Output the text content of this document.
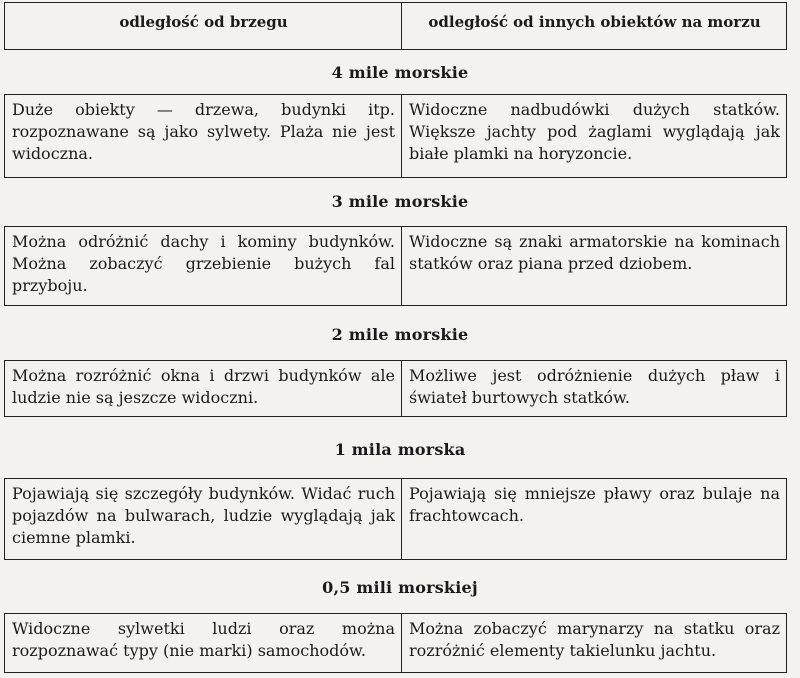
odległość od brzegu	odległość od innych obiektów na morzu
4 mile morskie
Duże obiekty — drzewa, budynki itp. rozpoznawane są jako sylwety. Plaża nie jest widoczna.
Widoczne nadbudówki dużych statków. Większe jachty pod żaglami wyglądają jak białe plamki na horyzoncie.
3 mile morskie
Można odróżnić dachy i kominy budynków. Można zobaczyć grzebienie bużych fal przyboju.
Widoczne są znaki armatorskie na kominach statków oraz piana przed dziobem.
2 mile morskie
Można rozróżnić okna i drzwi budynków ale ludzie nie są jeszcze widoczni.
Możliwe jest odróżnienie dużych pław i świateł burtowych statków.
1 mila morska
Pojawiają się szczegóły budynków. Widać ruch pojazdów na bulwarach, ludzie wyglądają jak ciemne plamki.
Pojawiają się mniejsze pławy oraz bulaje na frachtowcach.
0,5 mili morskiej
Widoczne sylwetki ludzi oraz można rozpoznawać typy (nie marki) samochodów.
Można zobaczyć marynarzy na statku oraz rozróżnić elementy takielunku jachtu.
